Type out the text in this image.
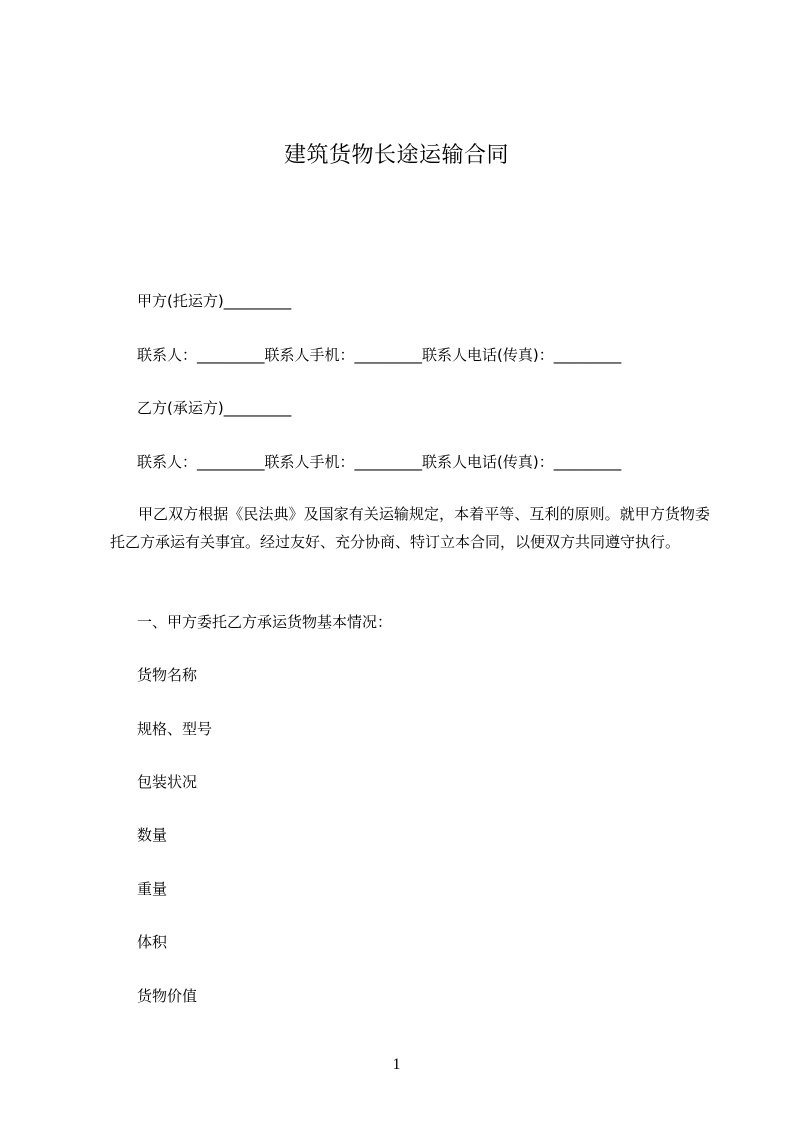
建筑货物长途运输合同
甲方(托运方)_________
联系人：_________联系人手机：_________联系人电话(传真)：_________
乙方(承运方)_________
联系人：_________联系人手机：_________联系人电话(传真)：_________
甲乙双方根据《民法典》及国家有关运输规定，本着平等、互利的原则。就甲方货物委托乙方承运有关事宜。经过友好、充分协商、特订立本合同，以便双方共同遵守执行。
一、甲方委托乙方承运货物基本情况：
货物名称
规格、型号
包装状况
数量
重量
体积
货物价值
1
